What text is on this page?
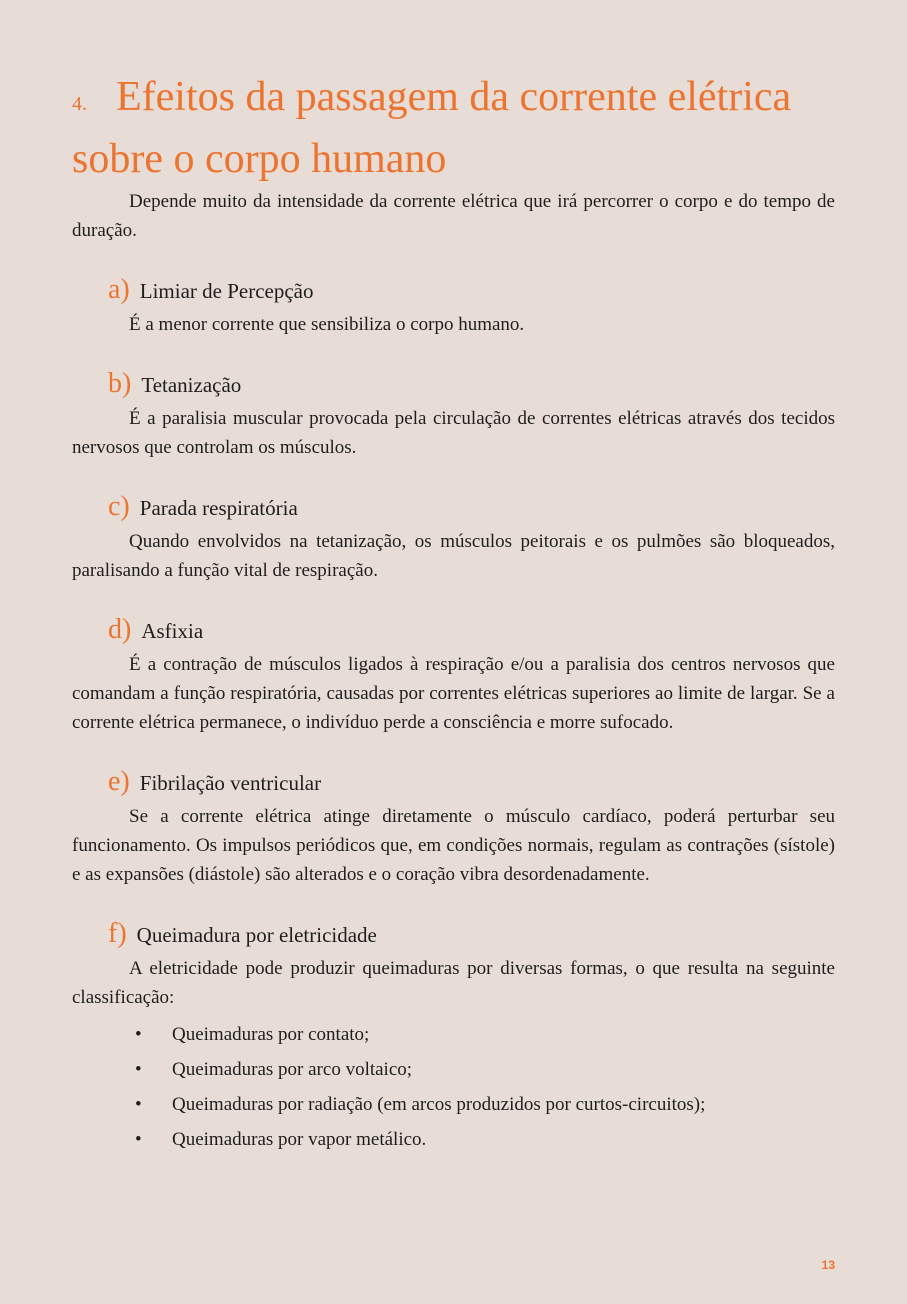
4. Efeitos da passagem da corrente elétrica
sobre o corpo humano

Depende muito da intensidade da corrente elétrica que irá percorrer o corpo e do tempo de duração.

a) Limiar de Percepção

É a menor corrente que sensibiliza o corpo humano.

b) Tetanização

É a paralisia muscular provocada pela circulação de correntes elétricas através dos tecidos nervosos que controlam os músculos.

c) Parada respiratória

Quando envolvidos na tetanização, os músculos peitorais e os pulmões são bloqueados, paralisando a função vital de respiração.

d) Asfixia

É a contração de músculos ligados à respiração e/ou a paralisia dos centros nervosos que comandam a função respiratória, causadas por correntes elétricas superiores ao limite de largar. Se a corrente elétrica permanece, o indivíduo perde a consciência e morre sufocado.

e) Fibrilação ventricular

Se a corrente elétrica atinge diretamente o músculo cardíaco, poderá perturbar seu funcionamento. Os impulsos periódicos que, em condições normais, regulam as contrações (sístole) e as expansões (diástole) são alterados e o coração vibra desordenadamente.

f) Queimadura por eletricidade

A eletricidade pode produzir queimaduras por diversas formas, o que resulta na seguinte classificação:

• Queimaduras por contato;
• Queimaduras por arco voltaico;
• Queimaduras por radiação (em arcos produzidos por curtos-circuitos);
• Queimaduras por vapor metálico.
13
